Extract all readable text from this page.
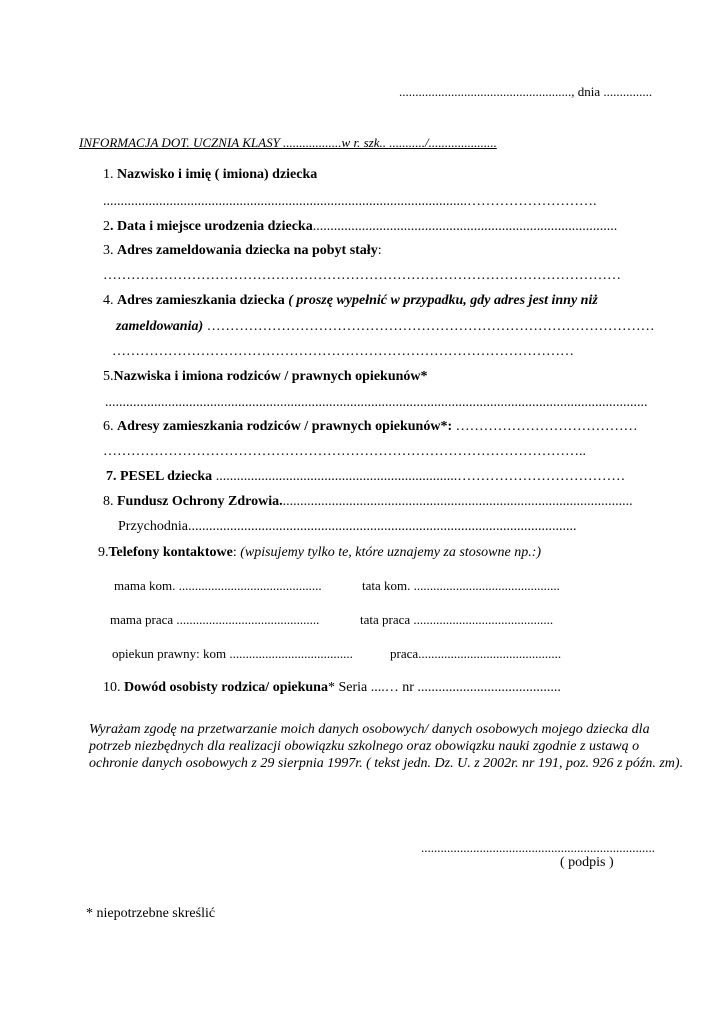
....................................................., dnia ...............
INFORMACJA DOT. UCZNIA KLASY ..................w r. szk.. .........../.....................
1. Nazwisko i imię ( imiona) dziecka
........................................................................................................……………………….
2. Data i miejsce urodzenia dziecka.......................................................................................
3. Adres zameldowania dziecka na pobyt stały:
…………………………………………………………………………………………………
4. Adres zamieszkania dziecka ( proszę wypełnić w przypadku, gdy adres jest inny niż
zameldowania) ……………………………………………………………………………………
………………………………………………………………………………………
5.Nazwiska i imiona rodziców / prawnych opiekunów*
...........................................................................................................................................................
6. Adresy zamieszkania rodziców / prawnych opiekunów*: …………………………………
…………………………………………………………………………………………..
7. PESEL dziecka .....................................................................………………………………
8. Fundusz Ochrony Zdrowia.....................................................................................................
Przychodnia...............................................................................................................
9.Telefony kontaktowe: (wpisujemy tylko te, które uznajemy za stosowne np.:)
mama kom. ............................................	tata kom. .............................................
mama praca ............................................	tata praca ...........................................
opiekun prawny: kom ......................................	praca............................................
10. Dowód osobisty rodzica/ opiekuna* Seria ....… nr .........................................
Wyrażam zgodę na przetwarzanie moich danych osobowych/ danych osobowych mojego dziecka dla potrzeb niezbędnych dla realizacji obowiązku szkolnego oraz obowiązku nauki zgodnie z ustawą o ochronie danych osobowych z 29 sierpnia 1997r. ( tekst jedn. Dz. U. z 2002r. nr 191, poz. 926 z późn. zm).
........................................................................
( podpis )
* niepotrzebne skreślić
